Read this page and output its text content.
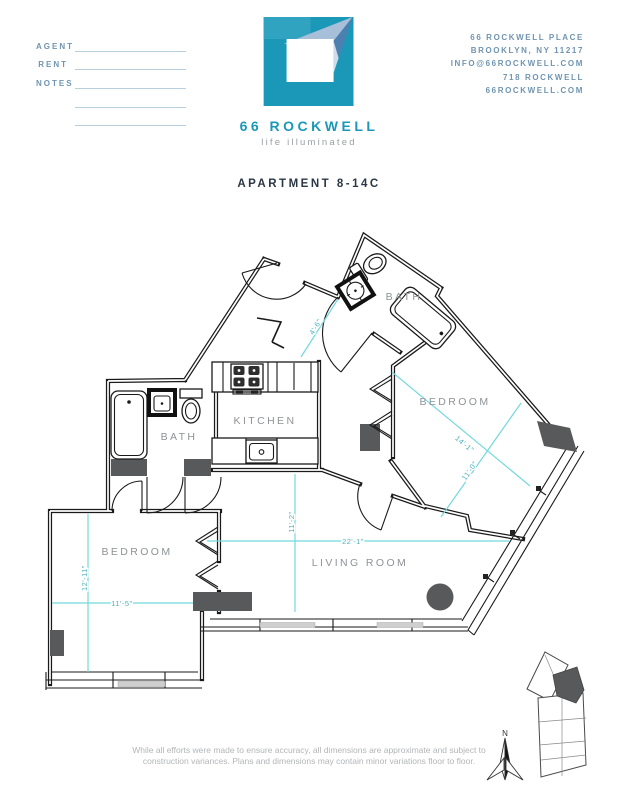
AGENT
RENT
NOTES
66 ROCKWELL
life illuminated
66 ROCKWELL PLACE
BROOKLYN, NY 11217
INFO@66ROCKWELL.COM
718 ROCKWELL
66ROCKWELL.COM
APARTMENT 8-14C
4'-6"
14'-1"
11'-0"
11'-2"
22'-1"
12'-11"
11'-5"
BATH
KITCHEN
BATH
BEDROOM
BEDROOM
LIVING ROOM
N
While all efforts were made to ensure accuracy, all dimensions are approximate and subject to
construction variances. Plans and dimensions may contain minor variations floor to floor.
